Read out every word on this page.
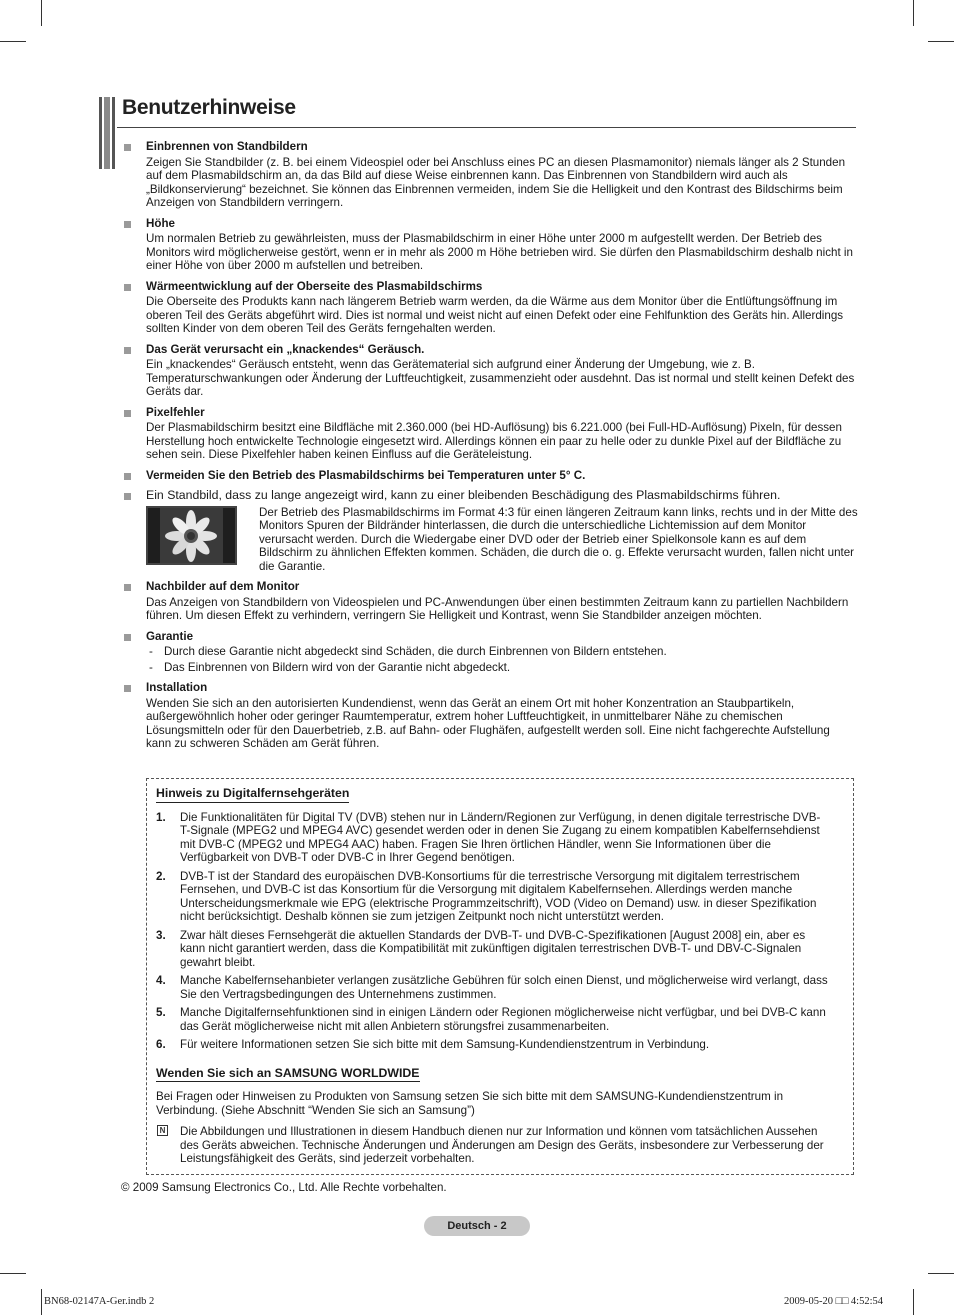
Benutzerhinweise
Einbrennen von Standbildern
Zeigen Sie Standbilder (z. B. bei einem Videospiel oder bei Anschluss eines PC an diesen Plasmamonitor) niemals länger als 2 Stunden auf dem Plasmabildschirm an, da das Bild auf diese Weise einbrennen kann. Das Einbrennen von Standbildern wird auch als „Bildkonservierung“ bezeichnet. Sie können das Einbrennen vermeiden, indem Sie die Helligkeit und den Kontrast des Bildschirms beim Anzeigen von Standbildern verringern.
Höhe
Um normalen Betrieb zu gewährleisten, muss der Plasmabildschirm in einer Höhe unter 2000 m aufgestellt werden. Der Betrieb des Monitors wird möglicherweise gestört, wenn er in mehr als 2000 m Höhe betrieben wird. Sie dürfen den Plasmabildschirm deshalb nicht in einer Höhe von über 2000 m aufstellen und betreiben.
Wärmeentwicklung auf der Oberseite des Plasmabildschirms
Die Oberseite des Produkts kann nach längerem Betrieb warm werden, da die Wärme aus dem Monitor über die Entlüftungsöffnung im oberen Teil des Geräts abgeführt wird. Dies ist normal und weist nicht auf einen Defekt oder eine Fehlfunktion des Geräts hin. Allerdings sollten Kinder von dem oberen Teil des Geräts ferngehalten werden.
Das Gerät verursacht ein „knackendes“ Geräusch.
Ein „knackendes“ Geräusch entsteht, wenn das Gerätematerial sich aufgrund einer Änderung der Umgebung, wie z. B. Temperaturschwankungen oder Änderung der Luftfeuchtigkeit, zusammenzieht oder ausdehnt. Das ist normal und stellt keinen Defekt des Geräts dar.
Pixelfehler
Der Plasmabildschirm besitzt eine Bildfläche mit 2.360.000 (bei HD-Auflösung) bis 6.221.000 (bei Full-HD-Auflösung) Pixeln, für dessen Herstellung hoch entwickelte Technologie eingesetzt wird. Allerdings können ein paar zu helle oder zu dunkle Pixel auf der Bildfläche zu sehen sein. Diese Pixelfehler haben keinen Einfluss auf die Geräteleistung.
Vermeiden Sie den Betrieb des Plasmabildschirms bei Temperaturen unter 5° C.
Ein Standbild, dass zu lange angezeigt wird, kann zu einer bleibenden Beschädigung des Plasmabildschirms führen.
Der Betrieb des Plasmabildschirms im Format 4:3 für einen längeren Zeitraum kann links, rechts und in der Mitte des Monitors Spuren der Bildränder hinterlassen, die durch die unterschiedliche Lichtemission auf dem Monitor verursacht werden. Durch die Wiedergabe einer DVD oder der Betrieb einer Spielkonsole kann es auf dem Bildschirm zu ähnlichen Effekten kommen. Schäden, die durch die o. g. Effekte verursacht wurden, fallen nicht unter die Garantie.
Nachbilder auf dem Monitor
Das Anzeigen von Standbildern von Videospielen und PC-Anwendungen über einen bestimmten Zeitraum kann zu partiellen Nachbildern führen. Um diesen Effekt zu verhindern, verringern Sie Helligkeit und Kontrast, wenn Sie Standbilder anzeigen möchten.
Garantie
- Durch diese Garantie nicht abgedeckt sind Schäden, die durch Einbrennen von Bildern entstehen.
- Das Einbrennen von Bildern wird von der Garantie nicht abgedeckt.
Installation
Wenden Sie sich an den autorisierten Kundendienst, wenn das Gerät an einem Ort mit hoher Konzentration an Staubpartikeln, außergewöhnlich hoher oder geringer Raumtemperatur, extrem hoher Luftfeuchtigkeit, in unmittelbarer Nähe zu chemischen Lösungsmitteln oder für den Dauerbetrieb, z.B. auf Bahn- oder Flughäfen, aufgestellt werden soll. Eine nicht fachgerechte Aufstellung kann zu schweren Schäden am Gerät führen.
Hinweis zu Digitalfernsehgeräten
1. Die Funktionalitäten für Digital TV (DVB) stehen nur in Ländern/Regionen zur Verfügung, in denen digitale terrestrische DVB-T-Signale (MPEG2 und MPEG4 AVC) gesendet werden oder in denen Sie Zugang zu einem kompatiblen Kabelfernsehdienst mit DVB-C (MPEG2 und MPEG4 AAC) haben. Fragen Sie Ihren örtlichen Händler, wenn Sie Informationen über die Verfügbarkeit von DVB-T oder DVB-C in Ihrer Gegend benötigen.
2. DVB-T ist der Standard des europäischen DVB-Konsortiums für die terrestrische Versorgung mit digitalem terrestrischem Fernsehen, und DVB-C ist das Konsortium für die Versorgung mit digitalem Kabelfernsehen. Allerdings werden manche Unterscheidungsmerkmale wie EPG (elektrische Programmzeitschrift), VOD (Video on Demand) usw. in dieser Spezifikation nicht berücksichtigt. Deshalb können sie zum jetzigen Zeitpunkt noch nicht unterstützt werden.
3. Zwar hält dieses Fernsehgerät die aktuellen Standards der DVB-T- und DVB-C-Spezifikationen [August 2008] ein, aber es kann nicht garantiert werden, dass die Kompatibilität mit zukünftigen digitalen terrestrischen DVB-T- und DBV-C-Signalen gewahrt bleibt.
4. Manche Kabelfernsehanbieter verlangen zusätzliche Gebühren für solch einen Dienst, und möglicherweise wird verlangt, dass Sie den Vertragsbedingungen des Unternehmens zustimmen.
5. Manche Digitalfernsehfunktionen sind in einigen Ländern oder Regionen möglicherweise nicht verfügbar, und bei DVB-C kann das Gerät möglicherweise nicht mit allen Anbietern störungsfrei zusammenarbeiten.
6. Für weitere Informationen setzen Sie sich bitte mit dem Samsung-Kundendienstzentrum in Verbindung.
Wenden Sie sich an SAMSUNG WORLDWIDE
Bei Fragen oder Hinweisen zu Produkten von Samsung setzen Sie sich bitte mit dem SAMSUNG-Kundendienstzentrum in Verbindung. (Siehe Abschnitt “Wenden Sie sich an Samsung”)
N Die Abbildungen und Illustrationen in diesem Handbuch dienen nur zur Information und können vom tatsächlichen Aussehen des Geräts abweichen. Technische Änderungen und Änderungen am Design des Geräts, insbesondere zur Verbesserung der Leistungsfähigkeit des Geräts, sind jederzeit vorbehalten.
© 2009 Samsung Electronics Co., Ltd. Alle Rechte vorbehalten.
Deutsch - 2
BN68-02147A-Ger.indb 2	2009-05-20 □□ 4:52:54
